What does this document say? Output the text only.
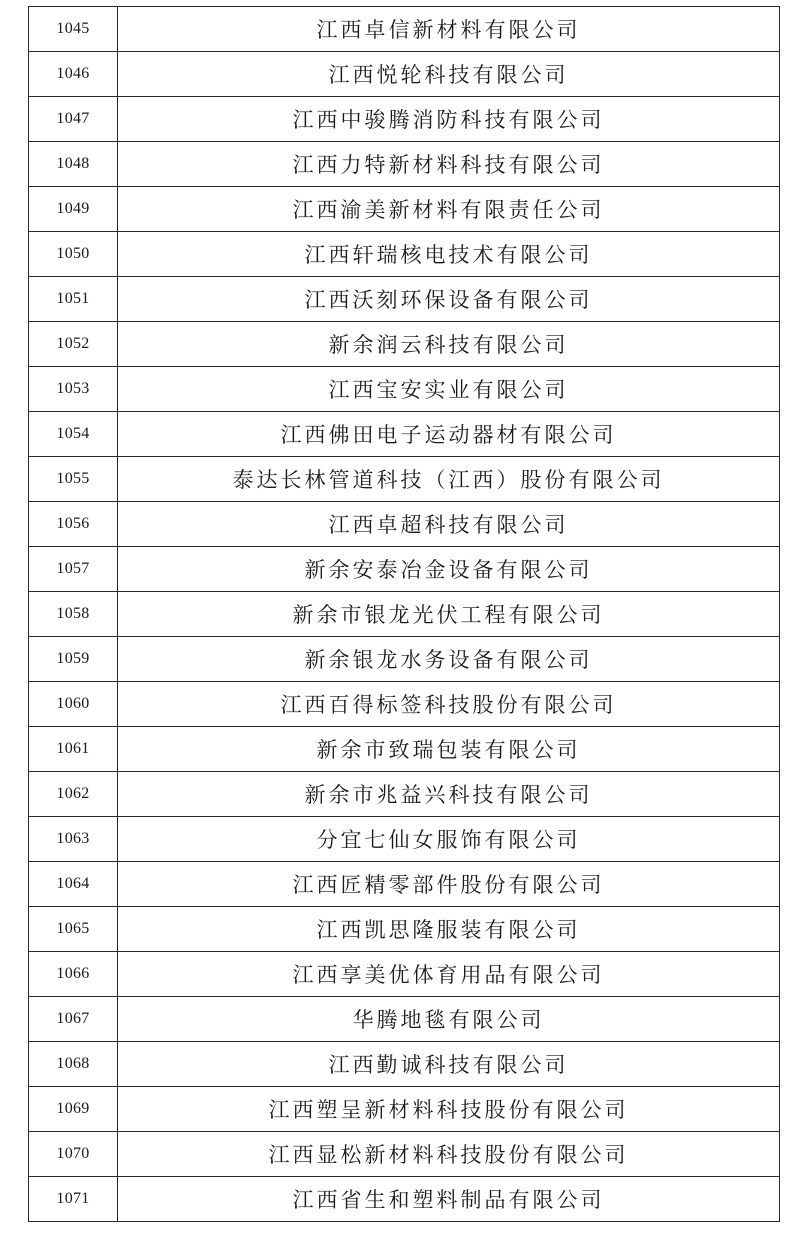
1045	江西卓信新材料有限公司
1046	江西悦轮科技有限公司
1047	江西中骏腾消防科技有限公司
1048	江西力特新材料科技有限公司
1049	江西渝美新材料有限责任公司
1050	江西轩瑞核电技术有限公司
1051	江西沃刻环保设备有限公司
1052	新余润云科技有限公司
1053	江西宝安实业有限公司
1054	江西佛田电子运动器材有限公司
1055	泰达长林管道科技（江西）股份有限公司
1056	江西卓超科技有限公司
1057	新余安泰冶金设备有限公司
1058	新余市银龙光伏工程有限公司
1059	新余银龙水务设备有限公司
1060	江西百得标签科技股份有限公司
1061	新余市致瑞包装有限公司
1062	新余市兆益兴科技有限公司
1063	分宜七仙女服饰有限公司
1064	江西匠精零部件股份有限公司
1065	江西凯思隆服装有限公司
1066	江西享美优体育用品有限公司
1067	华腾地毯有限公司
1068	江西勤诚科技有限公司
1069	江西塑呈新材料科技股份有限公司
1070	江西显松新材料科技股份有限公司
1071	江西省生和塑料制品有限公司
